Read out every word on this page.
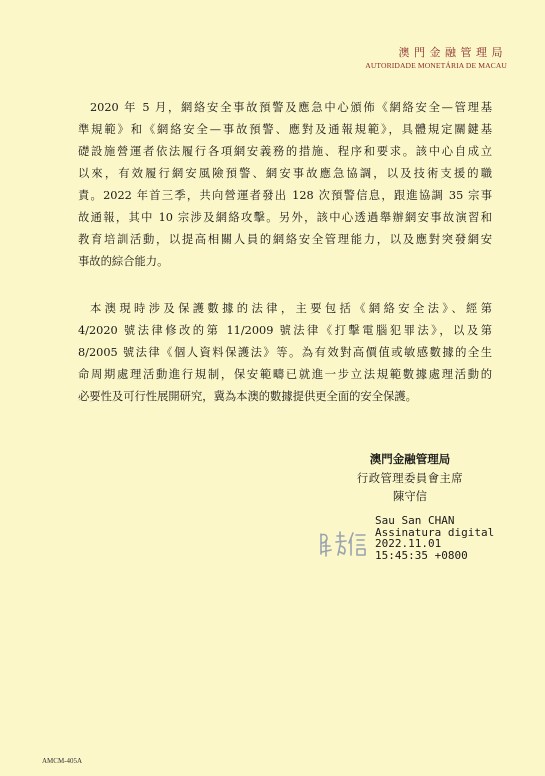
澳門金融管理局
AUTORIDADE MONETÁRIA DE MACAU
2020 年 5 月，網絡安全事故預警及應急中心頒佈《網絡安全—管理基
準規範》和《網絡安全—事故預警、應對及通報規範》，具體規定關鍵基
礎設施營運者依法履行各項網安義務的措施、程序和要求。該中心自成立
以來，有效履行網安風險預警、網安事故應急協調，以及技術支援的職
責。2022 年首三季，共向營運者發出 128 次預警信息，跟進協調 35 宗事
故通報，其中 10 宗涉及網絡攻擊。另外，該中心透過舉辦網安事故演習和
教育培訓活動，以提高相關人員的網絡安全管理能力，以及應對突發網安
事故的綜合能力。
本澳現時涉及保護數據的法律，主要包括《網絡安全法》、經第
4/2020 號法律修改的第 11/2009 號法律《打擊電腦犯罪法》，以及第
8/2005 號法律《個人資料保護法》等。為有效對高價值或敏感數據的全生
命周期處理活動進行規制，保安範疇已就進一步立法規範數據處理活動的
必要性及可行性展開研究，冀為本澳的數據提供更全面的安全保護。
澳門金融管理局
行政管理委員會主席
陳守信
Sau San CHAN
Assinatura digital
2022.11.01
15:45:35 +0800
AMCM-405A
